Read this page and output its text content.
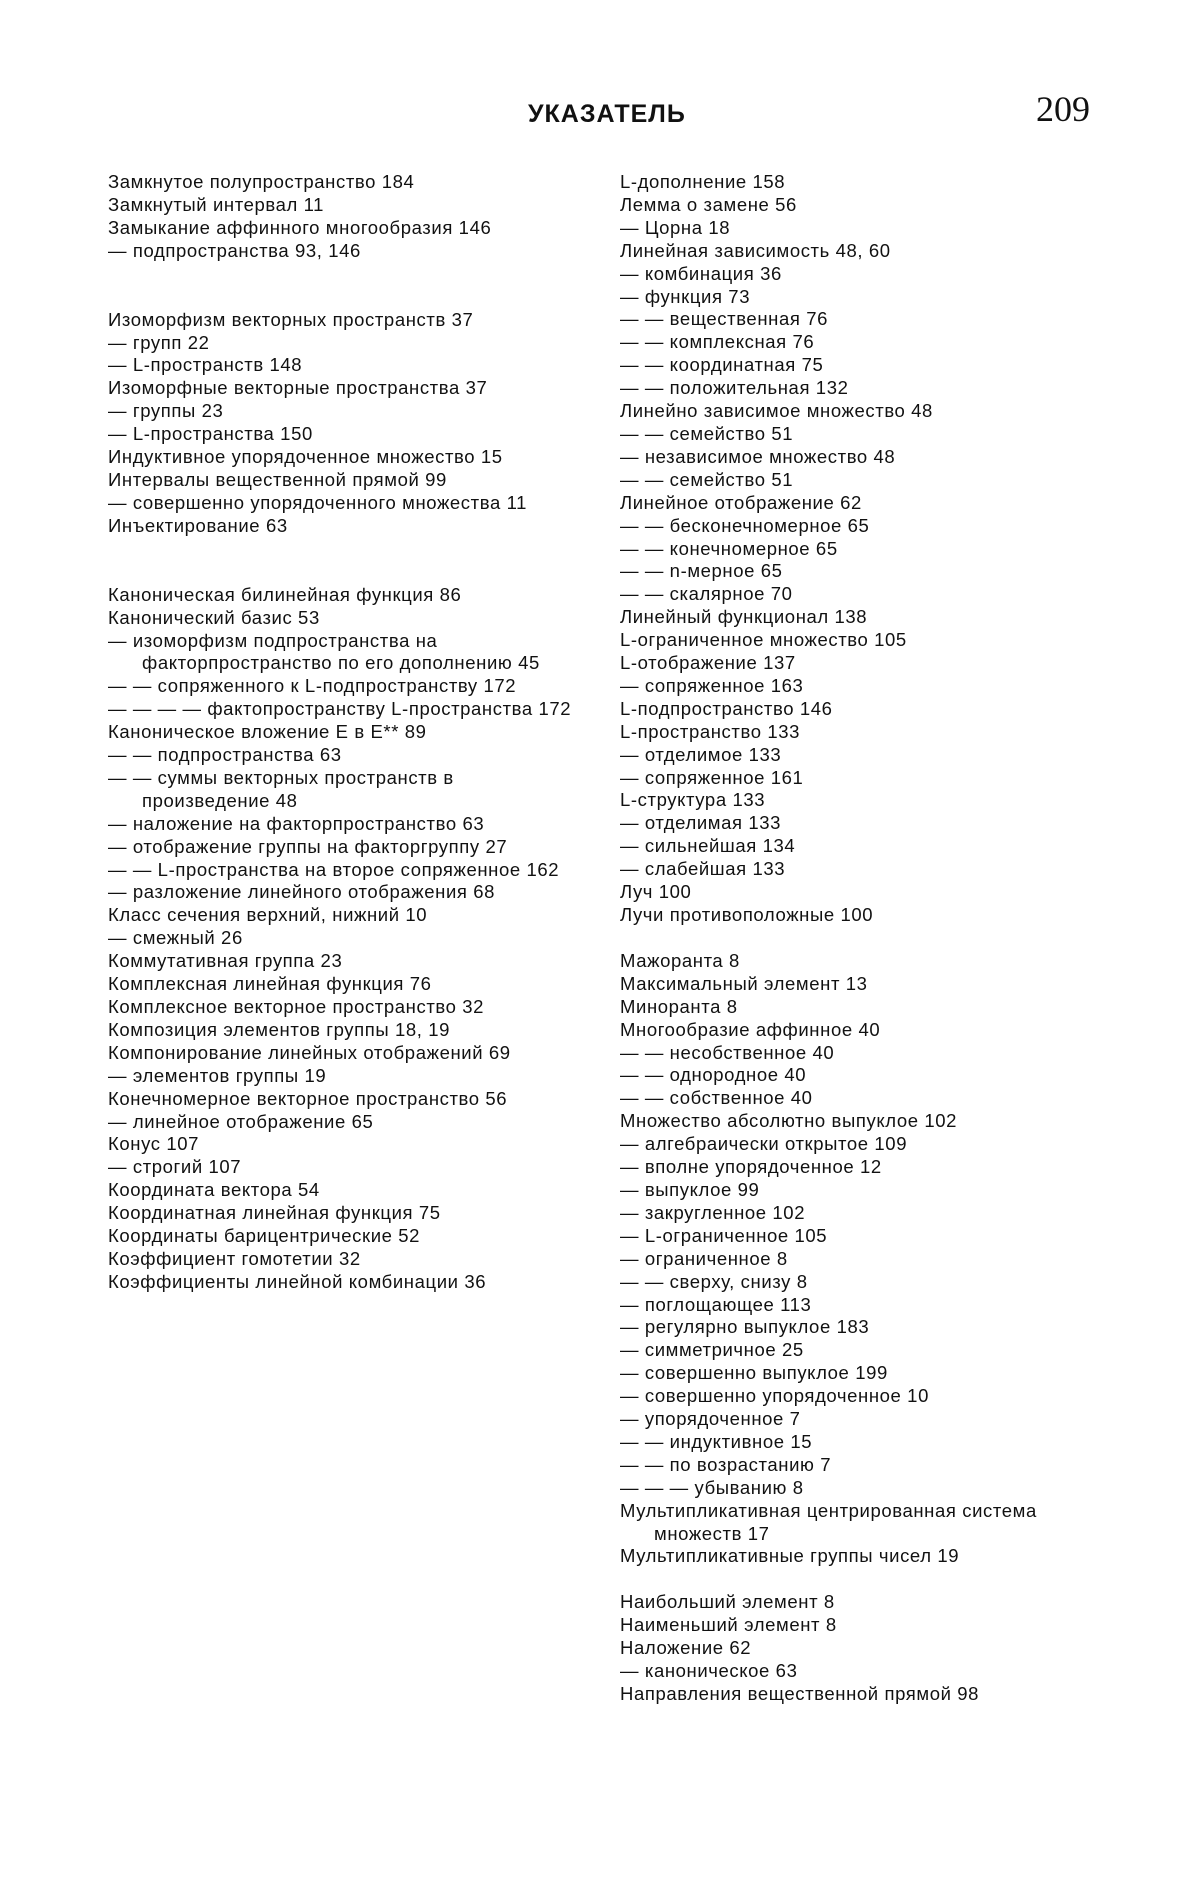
УКАЗАТЕЛЬ	209
Замкнутое полупространство 184
Замкнутый интервал 11
Замыкание аффинного многообразия 146
— подпространства 93, 146
Изоморфизм векторных пространств 37
— групп 22
— L-пространств 148
Изоморфные векторные пространства 37
— группы 23
— L-пространства 150
Индуктивное упорядоченное множество 15
Интервалы вещественной прямой 99
— совершенно упорядоченного множества 11
Инъектирование 63
Каноническая билинейная функция 86
Канонический базис 53
— изоморфизм подпространства на факторпространство по его дополнению 45
— — сопряженного к L-подпространству 172
— — — — фактопространству L-пространства 172
Каноническое вложение E в E** 89
— — подпространства 63
— — суммы векторных пространств в произведение 48
— наложение на факторпространство 63
— отображение группы на факторгруппу 27
— — L-пространства на второе сопряженное 162
— разложение линейного отображения 68
Класс сечения верхний, нижний 10
— смежный 26
Коммутативная группа 23
Комплексная линейная функция 76
Комплексное векторное пространство 32
Композиция элементов группы 18, 19
Компонирование линейных отображений 69
— элементов группы 19
Конечномерное векторное пространство 56
— линейное отображение 65
Конус 107
— строгий 107
Координата вектора 54
Координатная линейная функция 75
Координаты барицентрические 52
Коэффициент гомотетии 32
Коэффициенты линейной комбинации 36
L-дополнение 158
Лемма о замене 56
— Цорна 18
Линейная зависимость 48, 60
— комбинация 36
— функция 73
— — вещественная 76
— — комплексная 76
— — координатная 75
— — положительная 132
Линейно зависимое множество 48
— — семейство 51
— независимое множество 48
— — семейство 51
Линейное отображение 62
— — бесконечномерное 65
— — конечномерное 65
— — n-мерное 65
— — скалярное 70
Линейный функционал 138
L-ограниченное множество 105
L-отображение 137
— сопряженное 163
L-подпространство 146
L-пространство 133
— отделимое 133
— сопряженное 161
L-структура 133
— отделимая 133
— сильнейшая 134
— слабейшая 133
Луч 100
Лучи противоположные 100
Мажоранта 8
Максимальный элемент 13
Миноранта 8
Многообразие аффинное 40
— — несобственное 40
— — однородное 40
— — собственное 40
Множество абсолютно выпуклое 102
— алгебраически открытое 109
— вполне упорядоченное 12
— выпуклое 99
— закругленное 102
— L-ограниченное 105
— ограниченное 8
— — сверху, снизу 8
— поглощающее 113
— регулярно выпуклое 183
— симметричное 25
— совершенно выпуклое 199
— совершенно упорядоченное 10
— упорядоченное 7
— — индуктивное 15
— — по возрастанию 7
— — — убыванию 8
Мультипликативная центрированная система множеств 17
Мультипликативные группы чисел 19
Наибольший элемент 8
Наименьший элемент 8
Наложение 62
— каноническое 63
Направления вещественной прямой 98
